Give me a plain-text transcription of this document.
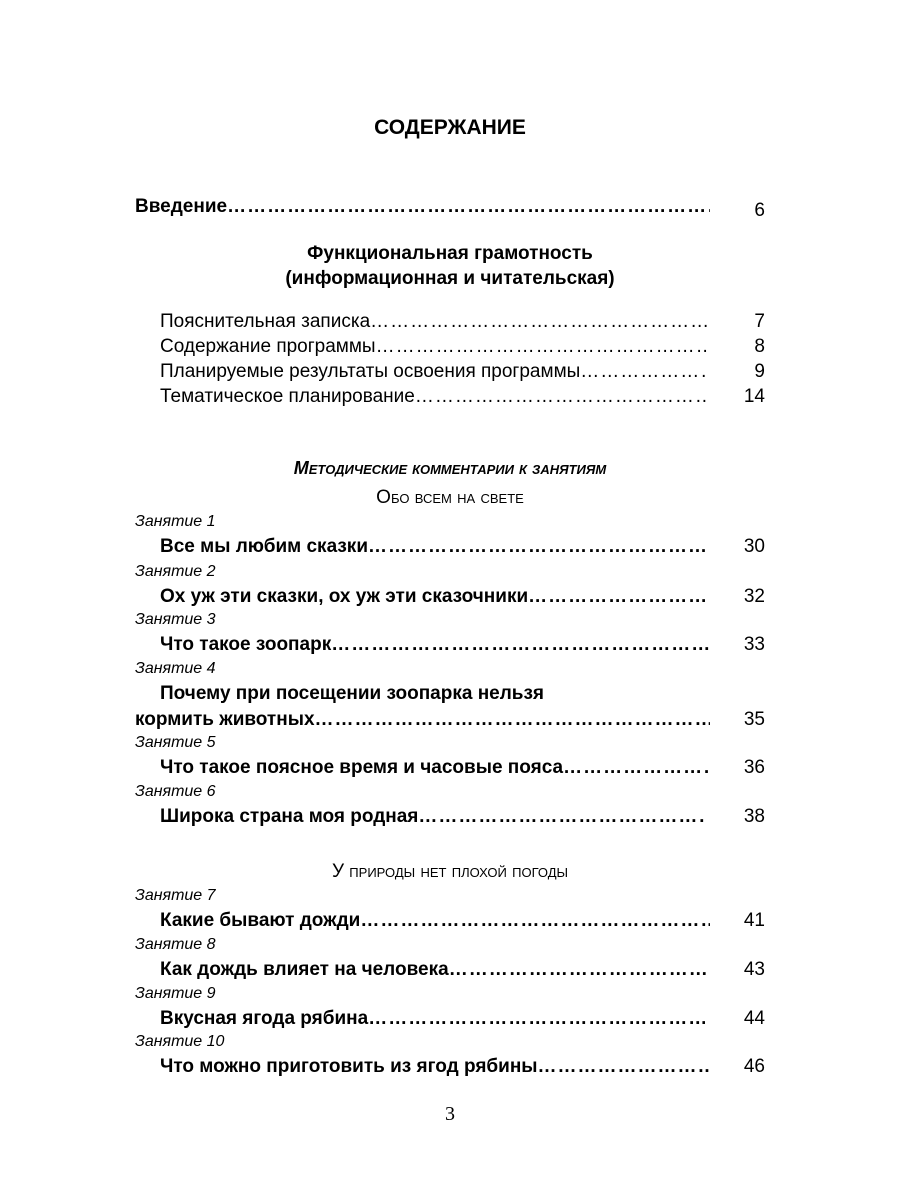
СОДЕРЖАНИЕ
Введение ………………………………………………………………………………………………………………………………………………	6
Функциональная грамотность
(информационная и читательская)
Пояснительная записка ………………………………………………………………………………………………………………………………………………	7
Содержание программы ………………………………………………………………………………………………………………………………………………	8
Планируемые результаты освоения программы ………………………………………………………………………………………………………………………………………………	9
Тематическое планирование ………………………………………………………………………………………………………………………………………………	14
Методические комментарии к занятиям
Обо всем на свете
Занятие 1
Все мы любим сказки ………………………………………………………………………………………………………………………………………………	30
Занятие 2
Ох уж эти сказки, ох уж эти сказочники ………………………………………………………………………………………………………………………………………………	32
Занятие 3
Что такое зоопарк ………………………………………………………………………………………………………………………………………………	33
Занятие 4
Почему при посещении зоопарка нельзя
кормить животных ………………………………………………………………………………………………………………………………………………	35
Занятие 5
Что такое поясное время и часовые пояса ………………………………………………………………………………………………………………………………………………	36
Занятие 6
Широка страна моя родная ………………………………………………………………………………………………………………………………………………	38
У природы нет плохой погоды
Занятие 7
Какие бывают дожди ………………………………………………………………………………………………………………………………………………	41
Занятие 8
Как дождь влияет на человека ………………………………………………………………………………………………………………………………………………	43
Занятие 9
Вкусная ягода рябина ………………………………………………………………………………………………………………………………………………	44
Занятие 10
Что можно приготовить из ягод рябины ………………………………………………………………………………………………………………………………………………	46
3
